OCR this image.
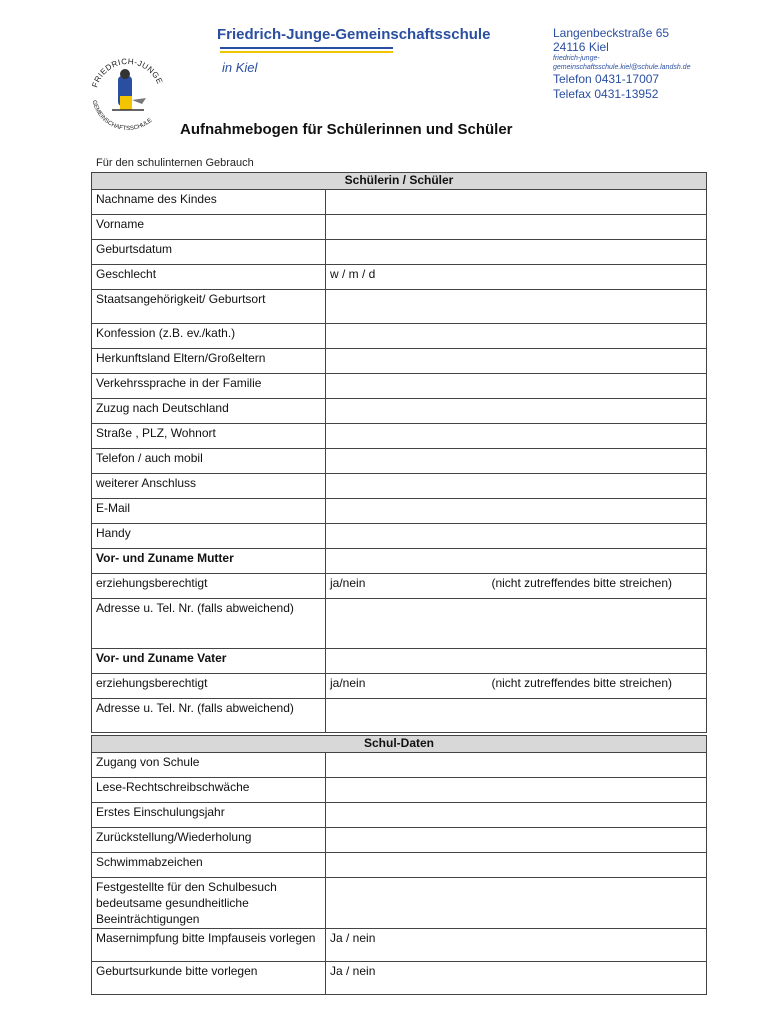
Friedrich-Junge-Gemeinschaftsschule
in Kiel
Langenbeckstraße 65
24116 Kiel
friedrich-junge-
gemeinschaftsschule.kiel@schule.landsh.de
Telefon 0431-17007
Telefax 0431-13952
FRIEDRICH-JUNGE
GEMEINSCHAFTSSCHULE Aufnahmebogen für Schülerinnen und Schüler
Für den schulinternen Gebrauch
Schülerin / Schüler	
Nachname des Kindes	
Vorname	
Geburtsdatum	
Geschlecht	w / m / d
Staatsangehörigkeit/ Geburtsort	
Konfession (z.B. ev./kath.)	
Herkunftsland Eltern/Großeltern	
Verkehrssprache in der Familie	
Zuzug nach Deutschland	
Straße , PLZ, Wohnort	
Telefon / auch mobil	
weiterer Anschluss	
E-Mail	
Handy	
Vor- und Zuname Mutter	
erziehungsberechtigt	ja/nein (nicht zutreffendes bitte streichen)

Adresse u. Tel. Nr. (falls abweichend)	
Vor- und Zuname Vater	
erziehungsberechtigt	ja/nein (nicht zutreffendes bitte streichen)

Adresse u. Tel. Nr. (falls abweichend)	

Schul-Daten	
Zugang von Schule	
Lese-Rechtschreibschwäche	
Erstes Einschulungsjahr	
Zurückstellung/Wiederholung	
Schwimmabzeichen	
Festgestellte für den Schulbesuch bedeutsame gesundheitliche Beeinträchtigungen	
Masernimpfung bitte Impfauseis vorlegen	Ja / nein
Geburtsurkunde bitte vorlegen	Ja / nein
